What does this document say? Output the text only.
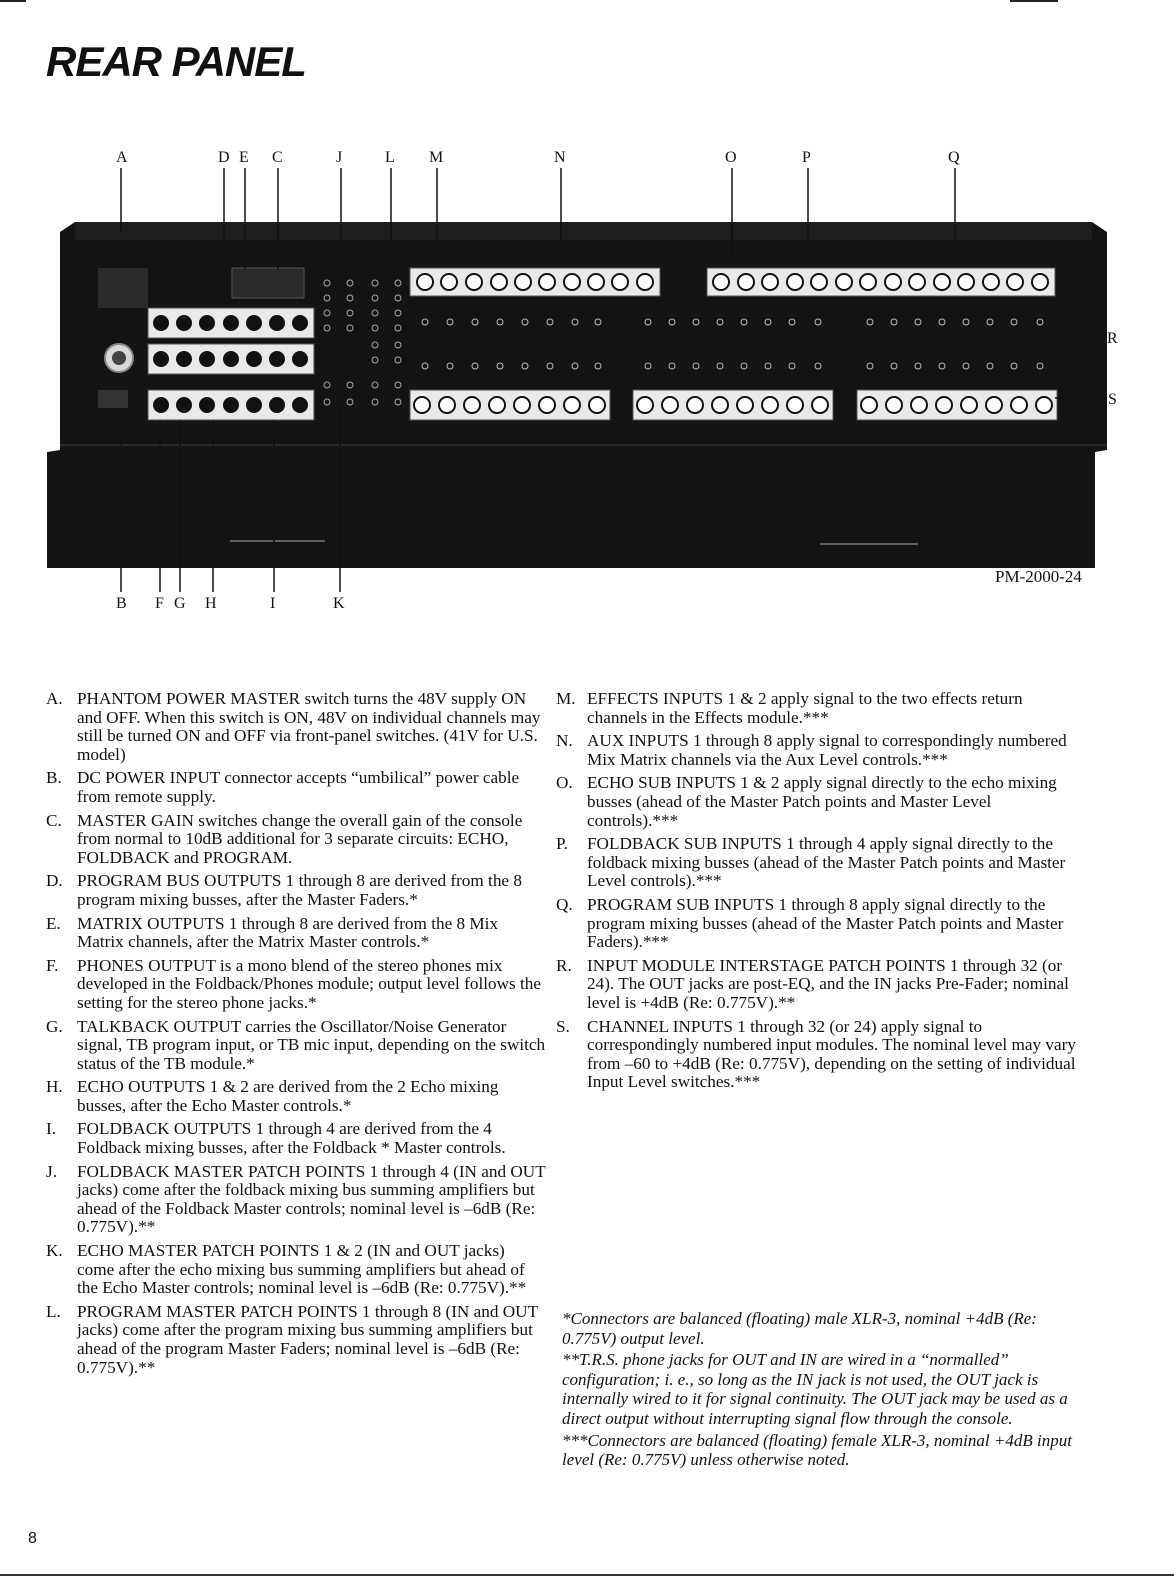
REAR PANEL
A	D E C	J	L M	N	O	P	Q
B F G H	I	K
R
S
PM-2000-24
A. PHANTOM POWER MASTER switch turns the 48V supply ON and OFF. When this switch is ON, 48V on individual channels may still be turned ON and OFF via front-panel switches. (41V for U.S. model)
B. DC POWER INPUT connector accepts “umbilical” power cable from remote supply.
C. MASTER GAIN switches change the overall gain of the console from normal to 10dB additional for 3 separate circuits: ECHO, FOLDBACK and PROGRAM.
D. PROGRAM BUS OUTPUTS 1 through 8 are derived from the 8 program mixing busses, after the Master Faders.*
E. MATRIX OUTPUTS 1 through 8 are derived from the 8 Mix Matrix channels, after the Matrix Master controls.*
F. PHONES OUTPUT is a mono blend of the stereo phones mix developed in the Foldback/Phones module; output level follows the setting for the stereo phone jacks.*
G. TALKBACK OUTPUT carries the Oscillator/Noise Generator signal, TB program input, or TB mic input, depending on the switch status of the TB module.*
H. ECHO OUTPUTS 1 & 2 are derived from the 2 Echo mixing busses, after the Echo Master controls.*
I. FOLDBACK OUTPUTS 1 through 4 are derived from the 4 Foldback mixing busses, after the Foldback * Master controls.
J. FOLDBACK MASTER PATCH POINTS 1 through 4 (IN and OUT jacks) come after the foldback mixing bus summing amplifiers but ahead of the Foldback Master controls; nominal level is –6dB (Re: 0.775V).**
K. ECHO MASTER PATCH POINTS 1 & 2 (IN and OUT jacks) come after the echo mixing bus summing amplifiers but ahead of the Echo Master controls; nominal level is –6dB (Re: 0.775V).**
L. PROGRAM MASTER PATCH POINTS 1 through 8 (IN and OUT jacks) come after the program mixing bus summing amplifiers but ahead of the program Master Faders; nominal level is –6dB (Re: 0.775V).**
M. EFFECTS INPUTS 1 & 2 apply signal to the two effects return channels in the Effects module.***
N. AUX INPUTS 1 through 8 apply signal to correspondingly numbered Mix Matrix channels via the Aux Level controls.***
O. ECHO SUB INPUTS 1 & 2 apply signal directly to the echo mixing busses (ahead of the Master Patch points and Master Level controls).***
P. FOLDBACK SUB INPUTS 1 through 4 apply signal directly to the foldback mixing busses (ahead of the Master Patch points and Master Level controls).***
Q. PROGRAM SUB INPUTS 1 through 8 apply signal directly to the program mixing busses (ahead of the Master Patch points and Master Faders).***
R. INPUT MODULE INTERSTAGE PATCH POINTS 1 through 32 (or 24). The OUT jacks are post-EQ, and the IN jacks Pre-Fader; nominal level is +4dB (Re: 0.775V).**
S. CHANNEL INPUTS 1 through 32 (or 24) apply signal to correspondingly numbered input modules. The nominal level may vary from –60 to +4dB (Re: 0.775V), depending on the setting of individual Input Level switches.***

*Connectors are balanced (floating) male XLR-3, nominal +4dB (Re: 0.775V) output level.

**T.R.S. phone jacks for OUT and IN are wired in a “normalled” configuration; i. e., so long as the IN jack is not used, the OUT jack is internally wired to it for signal continuity. The OUT jack may be used as a direct output without interrupting signal flow through the console.

***Connectors are balanced (floating) female XLR-3, nominal +4dB input level (Re: 0.775V) unless otherwise noted.

8
